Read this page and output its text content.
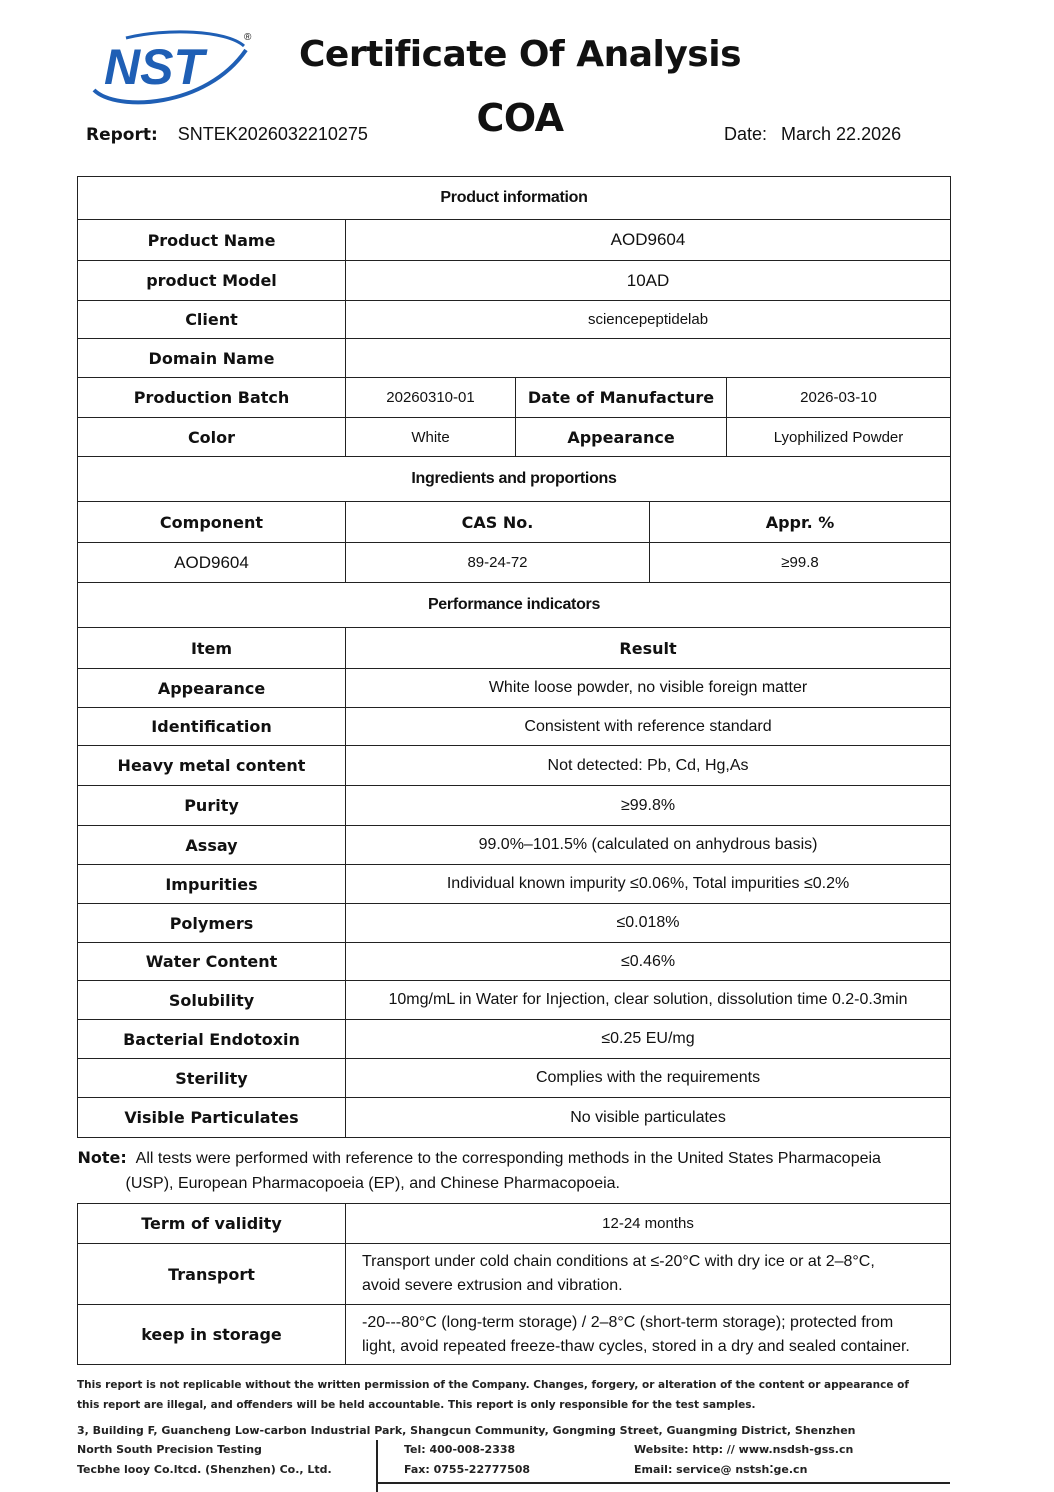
NST
®	Certificate Of Analysis
COA
Report: SNTEK2026032210275	Date: March 22.2026
Product information				
Product Name	AOD9604			
product Model	10AD			
Client	sciencepeptidelab			
Domain Name				
Production Batch	20260310-01	Date of Manufacture		2026-03-10
Color	White	Appearance		Lyophilized Powder
Ingredients and proportions				
Component	CAS No.		Appr. %	
AOD9604	89-24-72		≥99.8	
Performance indicators				
Item	Result			
Appearance	White loose powder, no visible foreign matter			
Identification	Consistent with reference standard			
Heavy metal content	Not detected: Pb, Cd, Hg,As			
Purity	≥99.8%			
Assay	99.0%–101.5% (calculated on anhydrous basis)			
Impurities	Individual known impurity ≤0.06%, Total impurities ≤0.2%			
Polymers	≤0.018%			
Water Content	≤0.46%			
Solubility	10mg/mL in Water for Injection, clear solution, dissolution time 0.2-0.3min			
Bacterial Endotoxin	≤0.25 EU/mg			
Sterility	Complies with the requirements			
Visible Particulates	No visible particulates			

Note: All tests were performed with reference to the corresponding methods in the United States Pharmacopeia
(USP), European Pharmacopoeia (EP), and Chinese Pharmacopoeia.				

Term of validity	12-24 months			
Transport	Transport under cold chain conditions at ≤-20°C with dry ice or at 2–8°C,
avoid severe extrusion and vibration.			

keep in storage	-20---80°C (long-term storage) / 2–8°C (short-term storage); protected from
light, avoid repeated freeze-thaw cycles, stored in a dry and sealed container.			
This report is not replicable without the written permission of the Company. Changes, forgery, or alteration of the content or appearance of
this report are illegal, and offenders will be held accountable. This report is only responsible for the test samples.
3, Building F, Guancheng Low-carbon Industrial Park, Shangcun Community, Gongming Street, Guangming District, Shenzhen
North South Precision Testing
Tecbhe looy Co.ltcd. (Shenzhen) Co., Ltd.
Tel: 400-008-2338
Fax: 0755-22777508
Website: http: // www.nsdsh-gss.cn
Email: service@ nstsh⁚ge.cn
